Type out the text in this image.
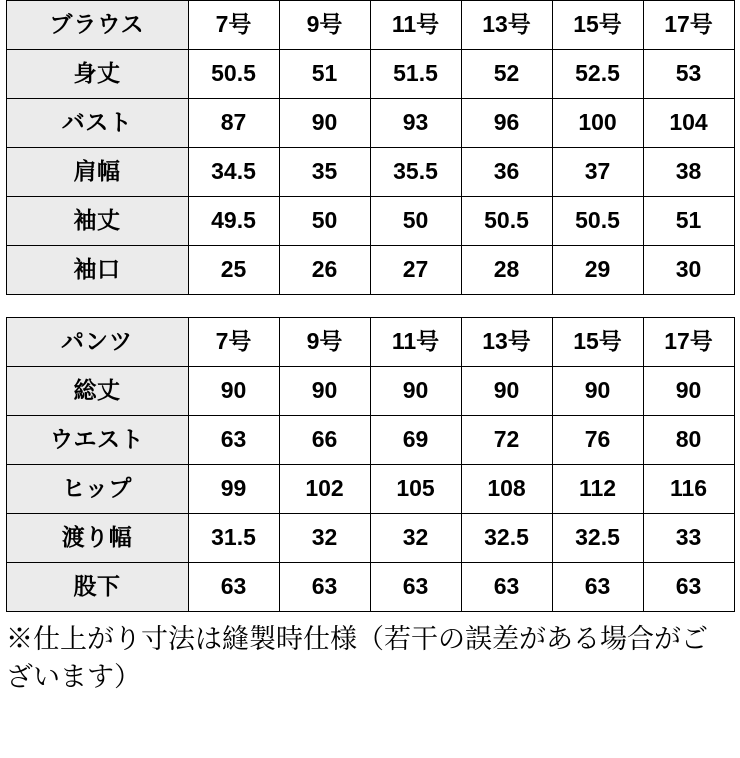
ブラウス	7号	9号	11号	13号	15号	17号
身丈	50.5	51	51.5	52	52.5	53
バスト	87	90	93	96	100	104
肩幅	34.5	35	35.5	36	37	38
袖丈	49.5	50	50	50.5	50.5	51
袖口	25	26	27	28	29	30
パンツ	7号	9号	11号	13号	15号	17号
総丈	90	90	90	90	90	90
ウエスト	63	66	69	72	76	80
ヒップ	99	102	105	108	112	116
渡り幅	31.5	32	32	32.5	32.5	33
股下	63	63	63	63	63	63
※仕上がり寸法は縫製時仕様（若干の誤差がある場合がございます）
